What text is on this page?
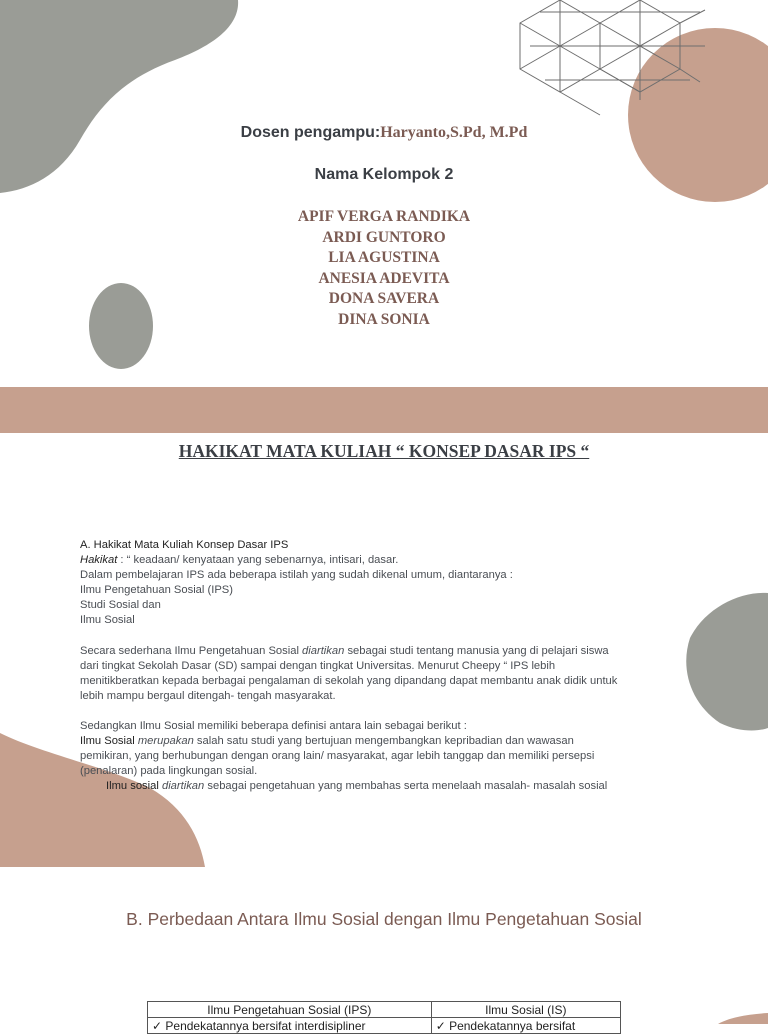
Dosen pengampu:Haryanto,S.Pd, M.Pd
Nama Kelompok 2
APIF VERGA RANDIKA
ARDI GUNTORO
LIA AGUSTINA
ANESIA ADEVITA
DONA SAVERA
DINA SONIA
HAKIKAT MATA KULIAH “ KONSEP DASAR IPS “
A. Hakikat Mata Kuliah Konsep Dasar IPS
Hakikat : “ keadaan/ kenyataan yang sebenarnya, intisari, dasar.
Dalam pembelajaran IPS ada beberapa istilah yang sudah dikenal umum, diantaranya :
Ilmu Pengetahuan Sosial (IPS)
Studi Sosial dan
Ilmu Sosial
Secara sederhana Ilmu Pengetahuan Sosial diartikan sebagai studi tentang manusia yang di pelajari siswa
dari tingkat Sekolah Dasar (SD) sampai dengan tingkat Universitas. Menurut Cheepy “ IPS lebih
menitikberatkan kepada berbagai pengalaman di sekolah yang dipandang dapat membantu anak didik untuk
lebih mampu bergaul ditengah- tengah masyarakat.
Sedangkan Ilmu Sosial memiliki beberapa definisi antara lain sebagai berikut :
Ilmu Sosial merupakan salah satu studi yang bertujuan mengembangkan kepribadian dan wawasan
pemikiran, yang berhubungan dengan orang lain/ masyarakat, agar lebih tanggap dan memiliki persepsi
(penalaran) pada lingkungan sosial.
1. Ilmu sosial diartikan sebagai pengetahuan yang membahas serta menelaah masalah- masalah sosial
B. Perbedaan Antara Ilmu Sosial dengan Ilmu Pengetahuan Sosial
Ilmu Pengetahuan Sosial (IPS)	Ilmu Sosial (IS)
✓ Pendekatannya bersifat interdisipliner	✓ Pendekatannya bersifat
